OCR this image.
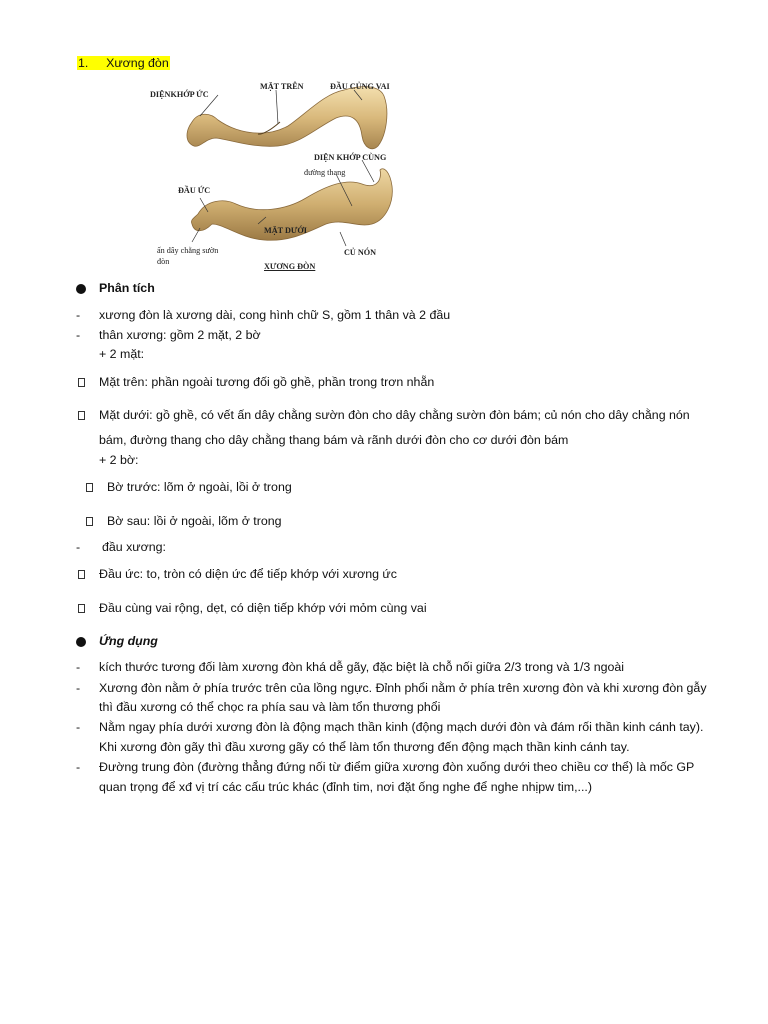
1. Xương đòn
DIỆNKHỚP ỨC
MẶT TRÊN	ĐẦU CỦNG VAI
DIỆN KHỚP CÙNG
đường thang
ĐẦU ỨC
MẶT DƯỚI
ấn dây chằng sườn
đòn
CỦ NÓN
XƯƠNG ĐÒN
Phân tích
- xương đòn là xương dài, cong hình chữ S, gồm 1 thân và 2 đầu
- thân xương: gồm 2 mặt, 2 bờ
+ 2 mặt:
Mặt trên: phần ngoài tương đối gồ ghề, phần trong trơn nhẵn
Mặt dưới: gồ ghề, có vết ấn dây chằng sườn đòn cho dây chằng sườn đòn bám; củ nón cho dây chằng nón
bám, đường thang cho dây chằng thang bám và rãnh dưới đòn cho cơ dưới đòn bám
+ 2 bờ:
Bờ trước: lõm ở ngoài, lồi ở trong
Bờ sau: lồi ở ngoài, lõm ở trong
- đầu xương:
Đầu ức: to, tròn có diện ức để tiếp khớp với xương ức
Đầu cùng vai rộng, dẹt, có diện tiếp khớp với mỏm cùng vai
Ứng dụng
- kích thước tương đối làm xương đòn khá dễ gãy, đặc biệt là chỗ nối giữa 2/3 trong và 1/3 ngoài
- Xương đòn nằm ở phía trước trên của lồng ngực. Đỉnh phổi nằm ở phía trên xương đòn và khi xương đòn gẫy
thì đầu xương có thể chọc ra phía sau và làm tổn thương phổi
- Nằm ngay phía dưới xương đòn là động mạch thần kinh (động mạch dưới đòn và đám rối thần kinh cánh tay).
Khi xương đòn gãy thì đầu xương gãy có thể làm tổn thương đến động mạch thần kinh cánh tay.
- Đường trung đòn (đường thẳng đứng nối từ điểm giữa xương đòn xuống dưới theo chiều cơ thể) là mốc GP
quan trọng để xđ vị trí các cấu trúc khác (đỉnh tim, nơi đặt ống nghe để nghe nhịpw tim,...)
